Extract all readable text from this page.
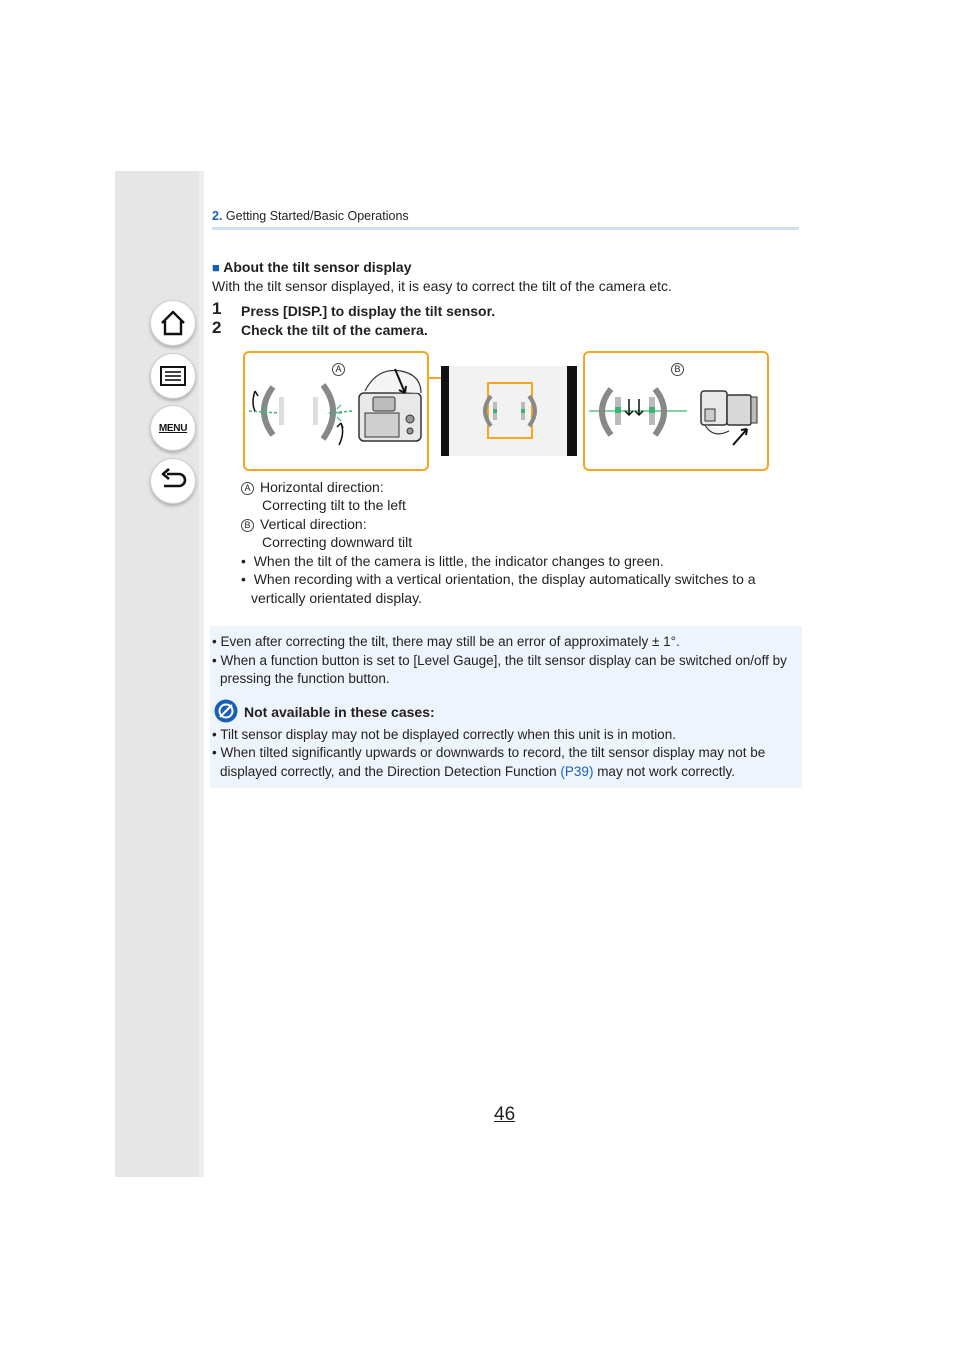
MENU
2. Getting Started/Basic Operations
■ About the tilt sensor display
With the tilt sensor displayed, it is easy to correct the tilt of the camera etc.
1 Press [DISP.] to display the tilt sensor.
2 Check the tilt of the camera.
A	B
A Horizontal direction:
Correcting tilt to the left
B Vertical direction:
Correcting downward tilt
• When the tilt of the camera is little, the indicator changes to green.
• When recording with a vertical orientation, the display automatically switches to a
vertically orientated display.
• Even after correcting the tilt, there may still be an error of approximately ± 1°.
• When a function button is set to [Level Gauge], the tilt sensor display can be switched on/off by
pressing the function button.
Not available in these cases:
• Tilt sensor display may not be displayed correctly when this unit is in motion.
• When tilted significantly upwards or downwards to record, the tilt sensor display may not be
displayed correctly, and the Direction Detection Function (P39) may not work correctly.
46
